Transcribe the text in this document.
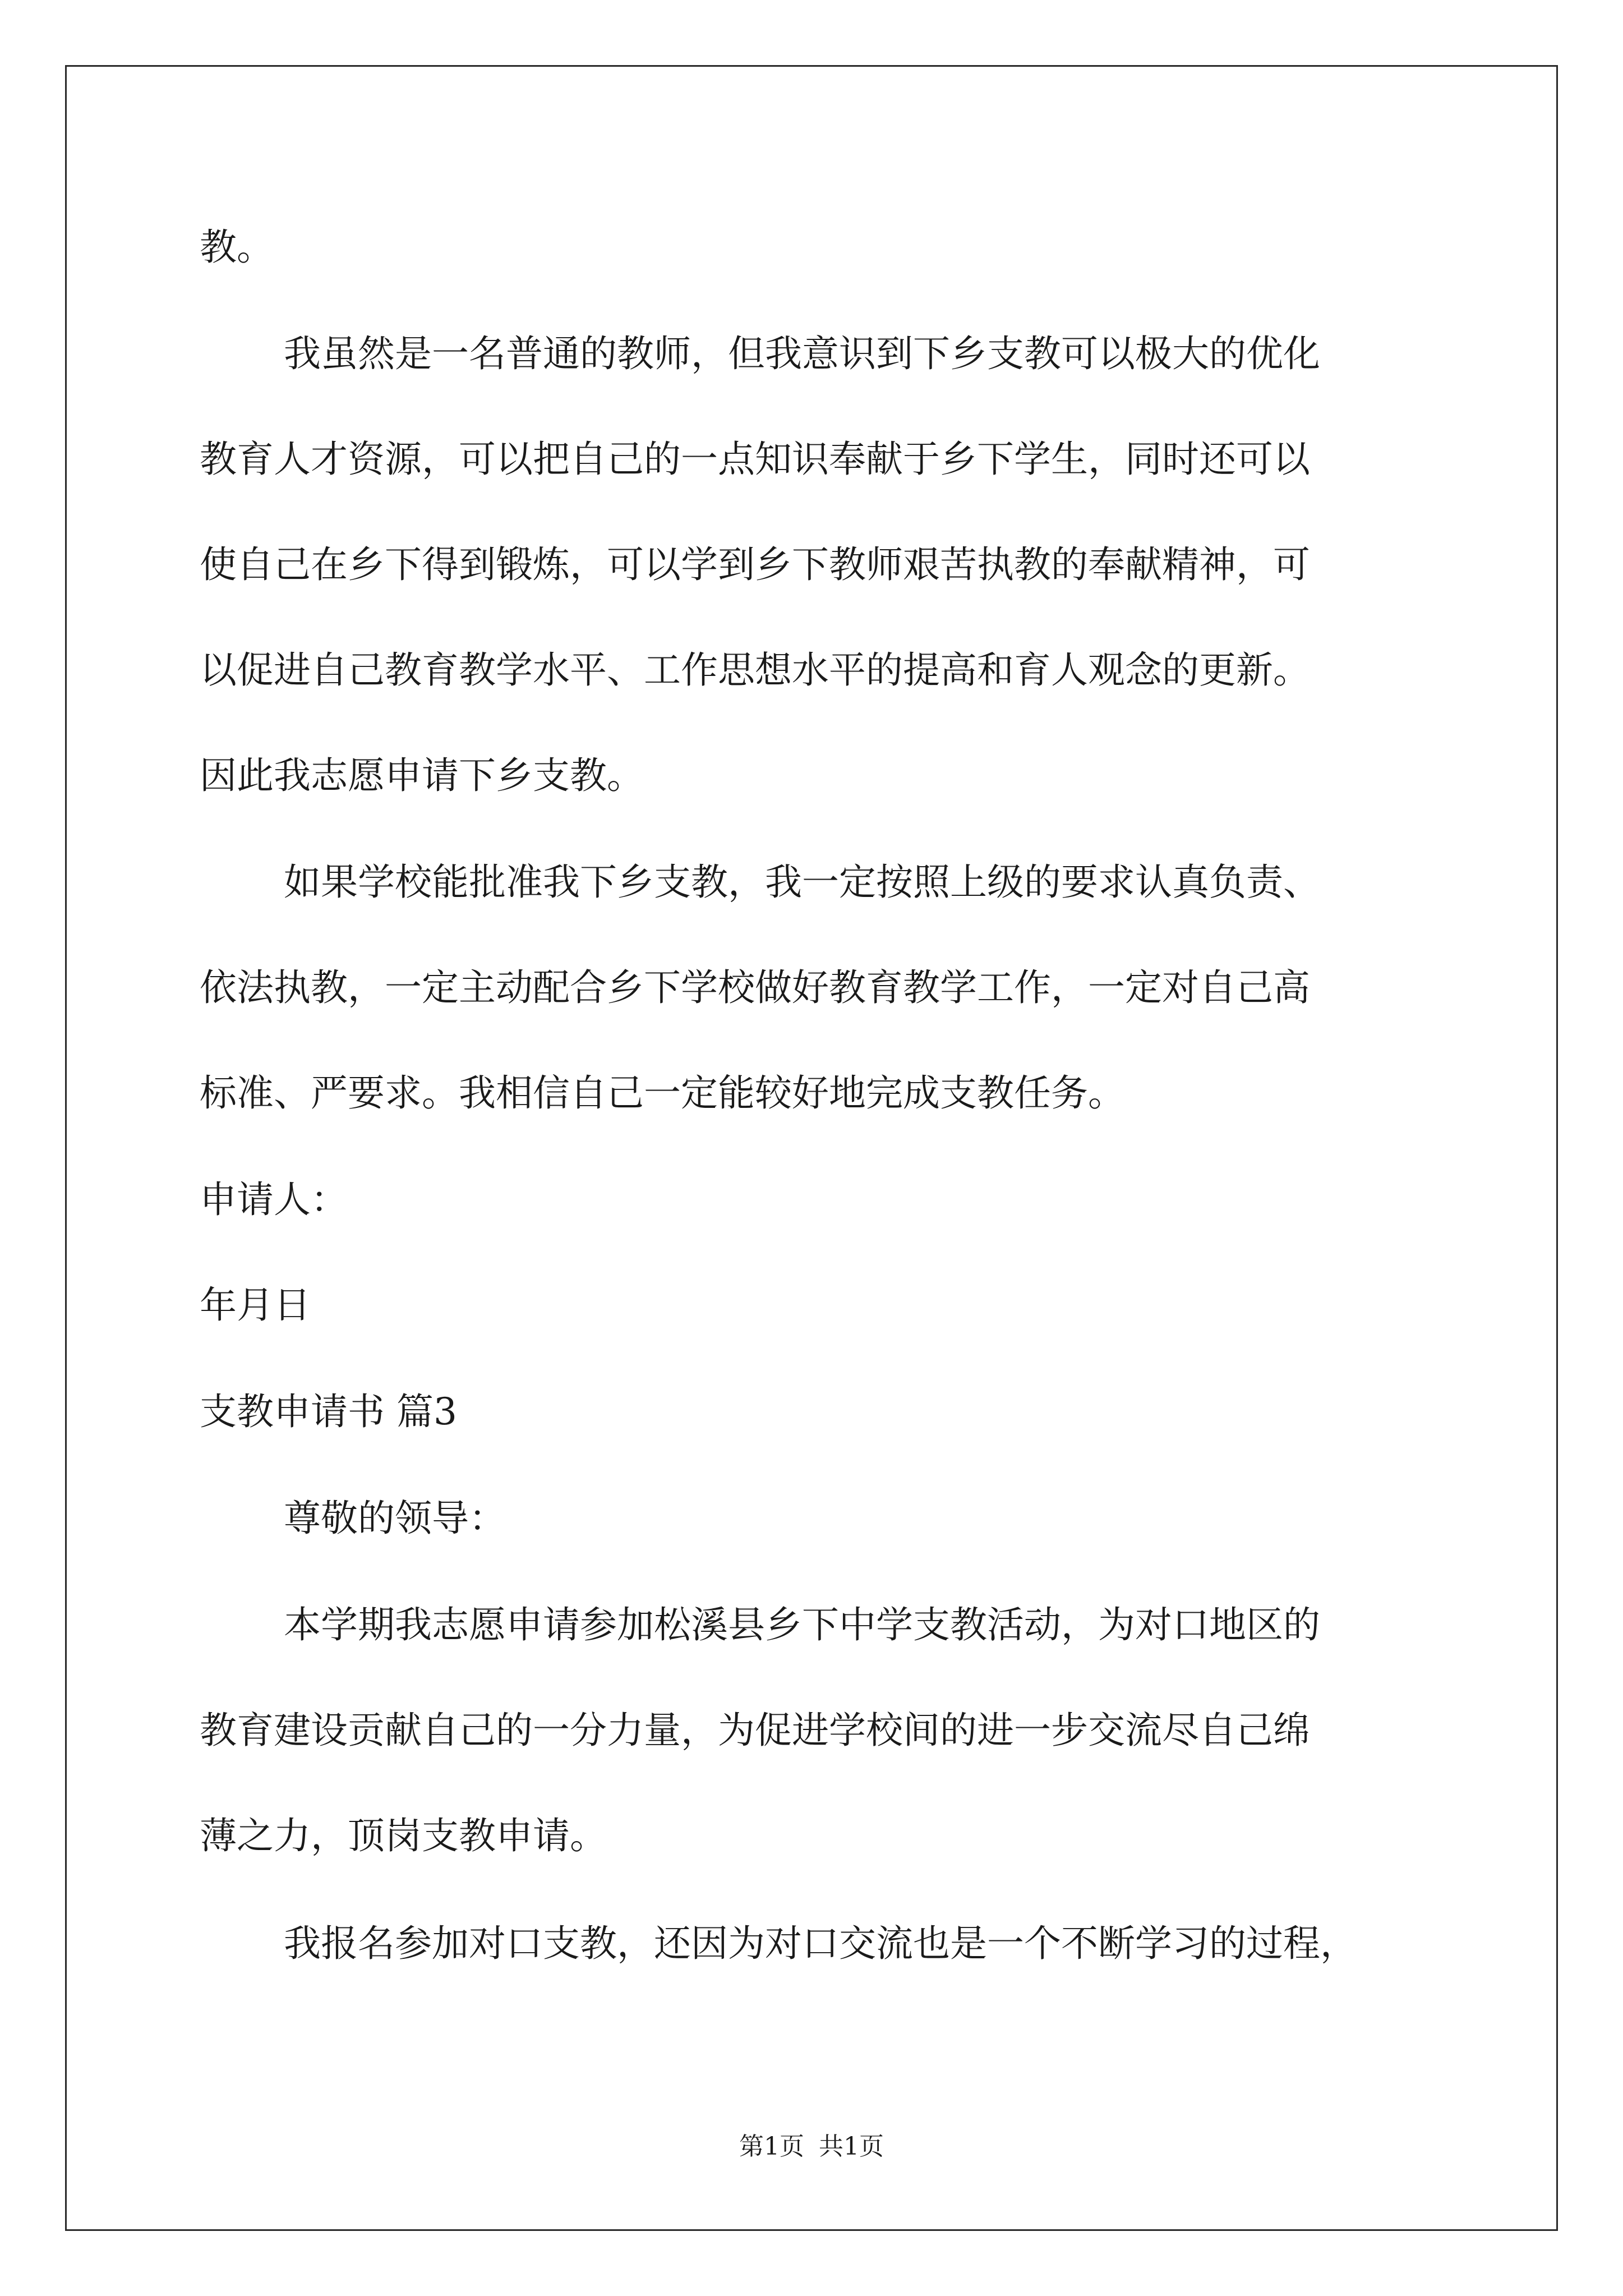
教。
我虽然是一名普通的教师，但我意识到下乡支教可以极大的优化
教育人才资源，可以把自己的一点知识奉献于乡下学生，同时还可以
使自己在乡下得到锻炼，可以学到乡下教师艰苦执教的奉献精神，可
以促进自己教育教学水平、工作思想水平的提高和育人观念的更新。
因此我志愿申请下乡支教。
如果学校能批准我下乡支教，我一定按照上级的要求认真负责、
依法执教，一定主动配合乡下学校做好教育教学工作，一定对自己高
标准、严要求。我相信自己一定能较好地完成支教任务。
申请人：
年月日
支教申请书 篇3
尊敬的领导：
本学期我志愿申请参加松溪县乡下中学支教活动，为对口地区的
教育建设贡献自己的一分力量，为促进学校间的进一步交流尽自己绵
薄之力，顶岗支教申请。
我报名参加对口支教，还因为对口交流也是一个不断学习的过程，
第1页 共1页
